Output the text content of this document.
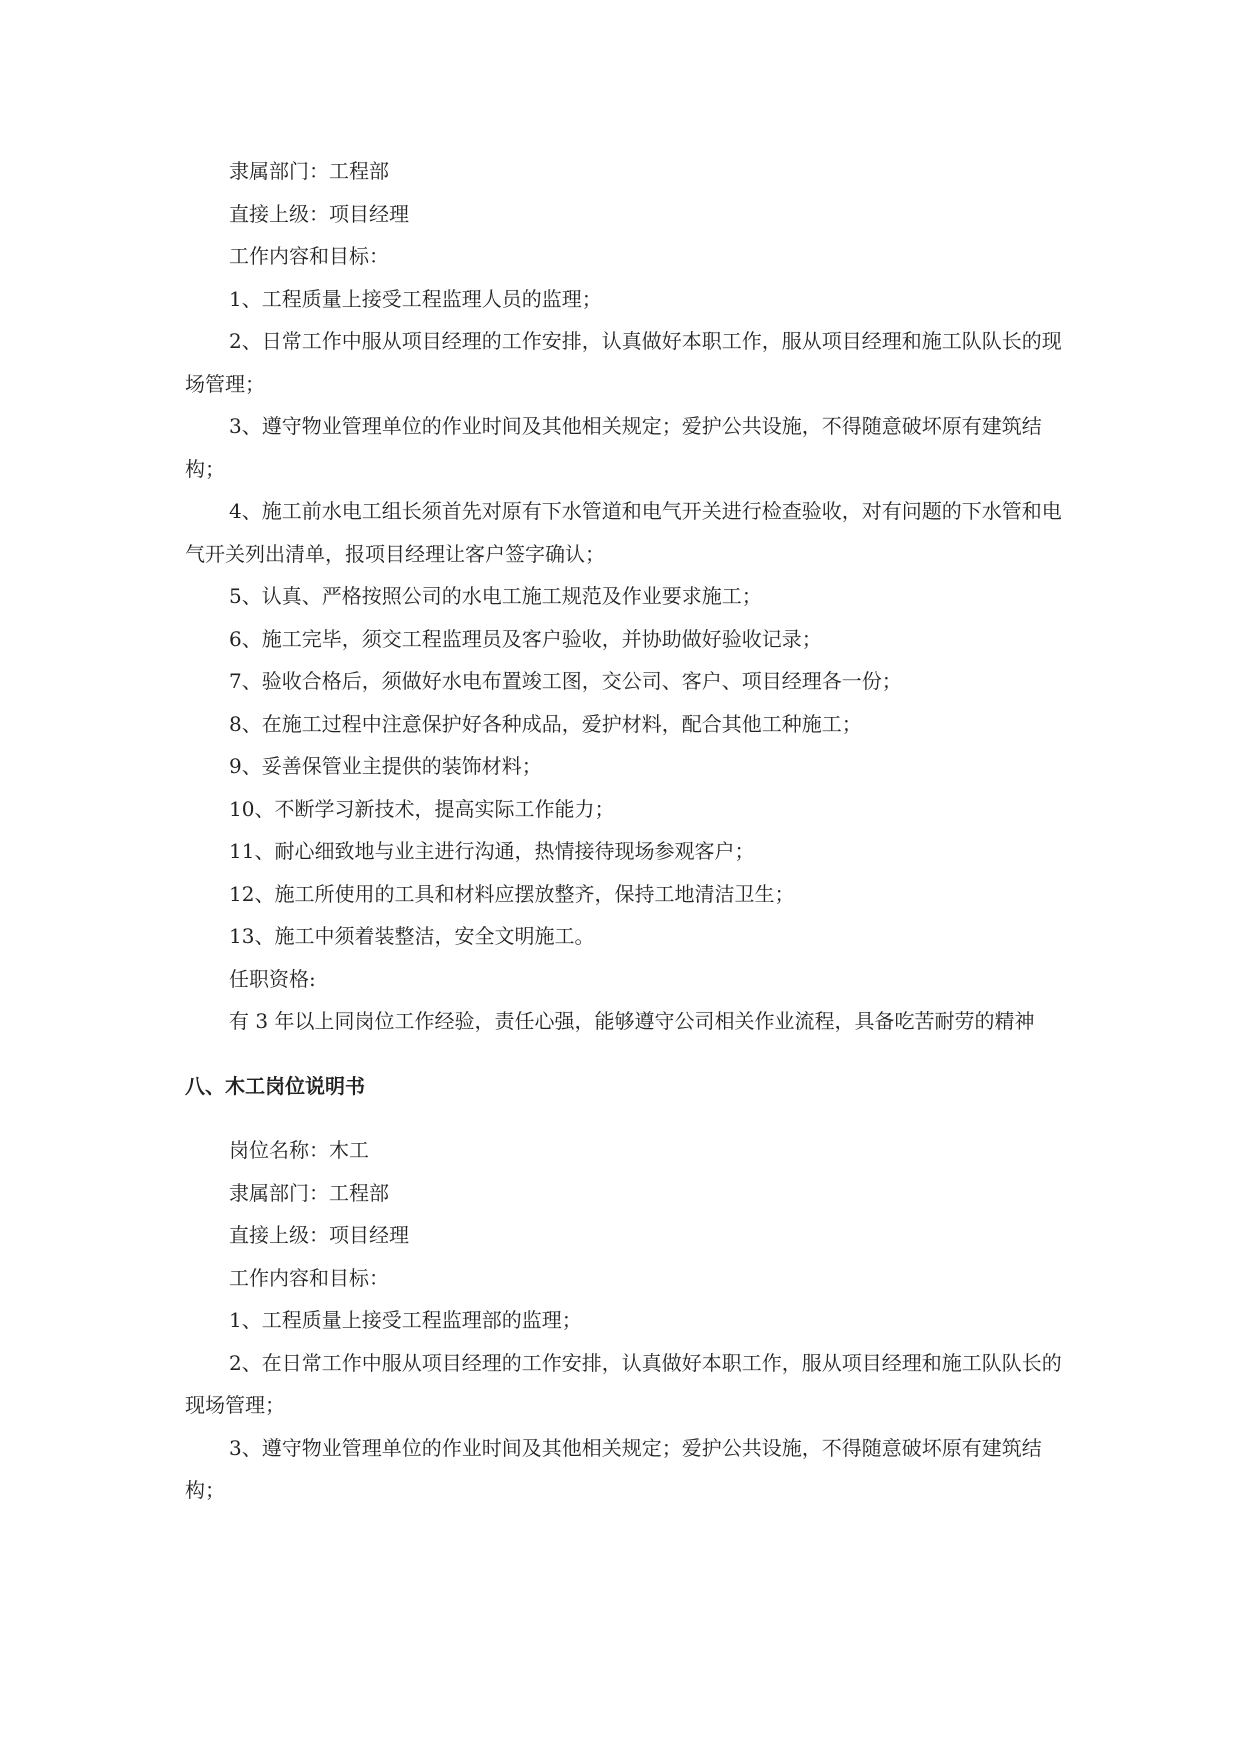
隶属部门：工程部

直接上级：项目经理

工作内容和目标：

1、工程质量上接受工程监理人员的监理；

2、日常工作中服从项目经理的工作安排，认真做好本职工作，服从项目经理和施工队队长的现场管理；

3、遵守物业管理单位的作业时间及其他相关规定；爱护公共设施，不得随意破坏原有建筑结构；

4、施工前水电工组长须首先对原有下水管道和电气开关进行检查验收，对有问题的下水管和电气开关列出清单，报项目经理让客户签字确认；

5、认真、严格按照公司的水电工施工规范及作业要求施工；

6、施工完毕，须交工程监理员及客户验收，并协助做好验收记录；

7、验收合格后，须做好水电布置竣工图，交公司、客户、项目经理各一份；

8、在施工过程中注意保护好各种成品，爱护材料，配合其他工种施工；

9、妥善保管业主提供的装饰材料；

10、不断学习新技术，提高实际工作能力；

11、耐心细致地与业主进行沟通，热情接待现场参观客户；

12、施工所使用的工具和材料应摆放整齐，保持工地清洁卫生；

13、施工中须着装整洁，安全文明施工。

任职资格:

有 3 年以上同岗位工作经验，责任心强，能够遵守公司相关作业流程，具备吃苦耐劳的精神

八、木工岗位说明书

岗位名称：木工

隶属部门：工程部

直接上级：项目经理

工作内容和目标：

1、工程质量上接受工程监理部的监理；

2、在日常工作中服从项目经理的工作安排，认真做好本职工作，服从项目经理和施工队队长的现场管理；

3、遵守物业管理单位的作业时间及其他相关规定；爱护公共设施，不得随意破坏原有建筑结构；
